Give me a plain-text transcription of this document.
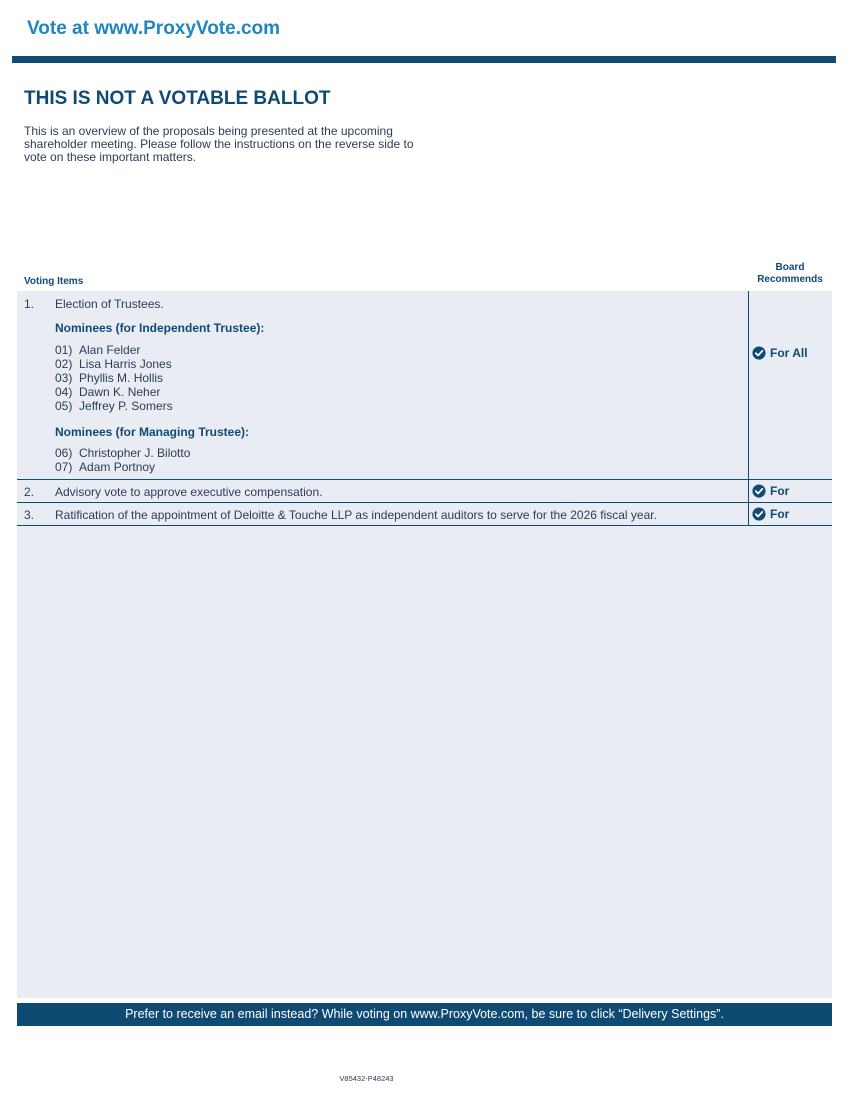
Vote at www.ProxyVote.com
THIS IS NOT A VOTABLE BALLOT

This is an overview of the proposals being presented at the upcoming shareholder meeting. Please follow the instructions on the reverse side to vote on these important matters.

Voting Items
Board
Recommends
1. Election of Trustees.
Nominees (for Independent Trustee):
01) Alan Felder
02) Lisa Harris Jones
03) Phyllis M. Hollis
04) Dawn K. Neher
05) Jeffrey P. Somers
Nominees (for Managing Trustee):
06) Christopher J. Bilotto
07) Adam Portnoy
For All
2. Advisory vote to approve executive compensation.	For
3. Ratification of the appointment of Deloitte & Touche LLP as independent auditors to serve for the 2026 fiscal year.	For
Prefer to receive an email instead? While voting on www.ProxyVote.com, be sure to click “Delivery Settings”.
V85432-P48243
